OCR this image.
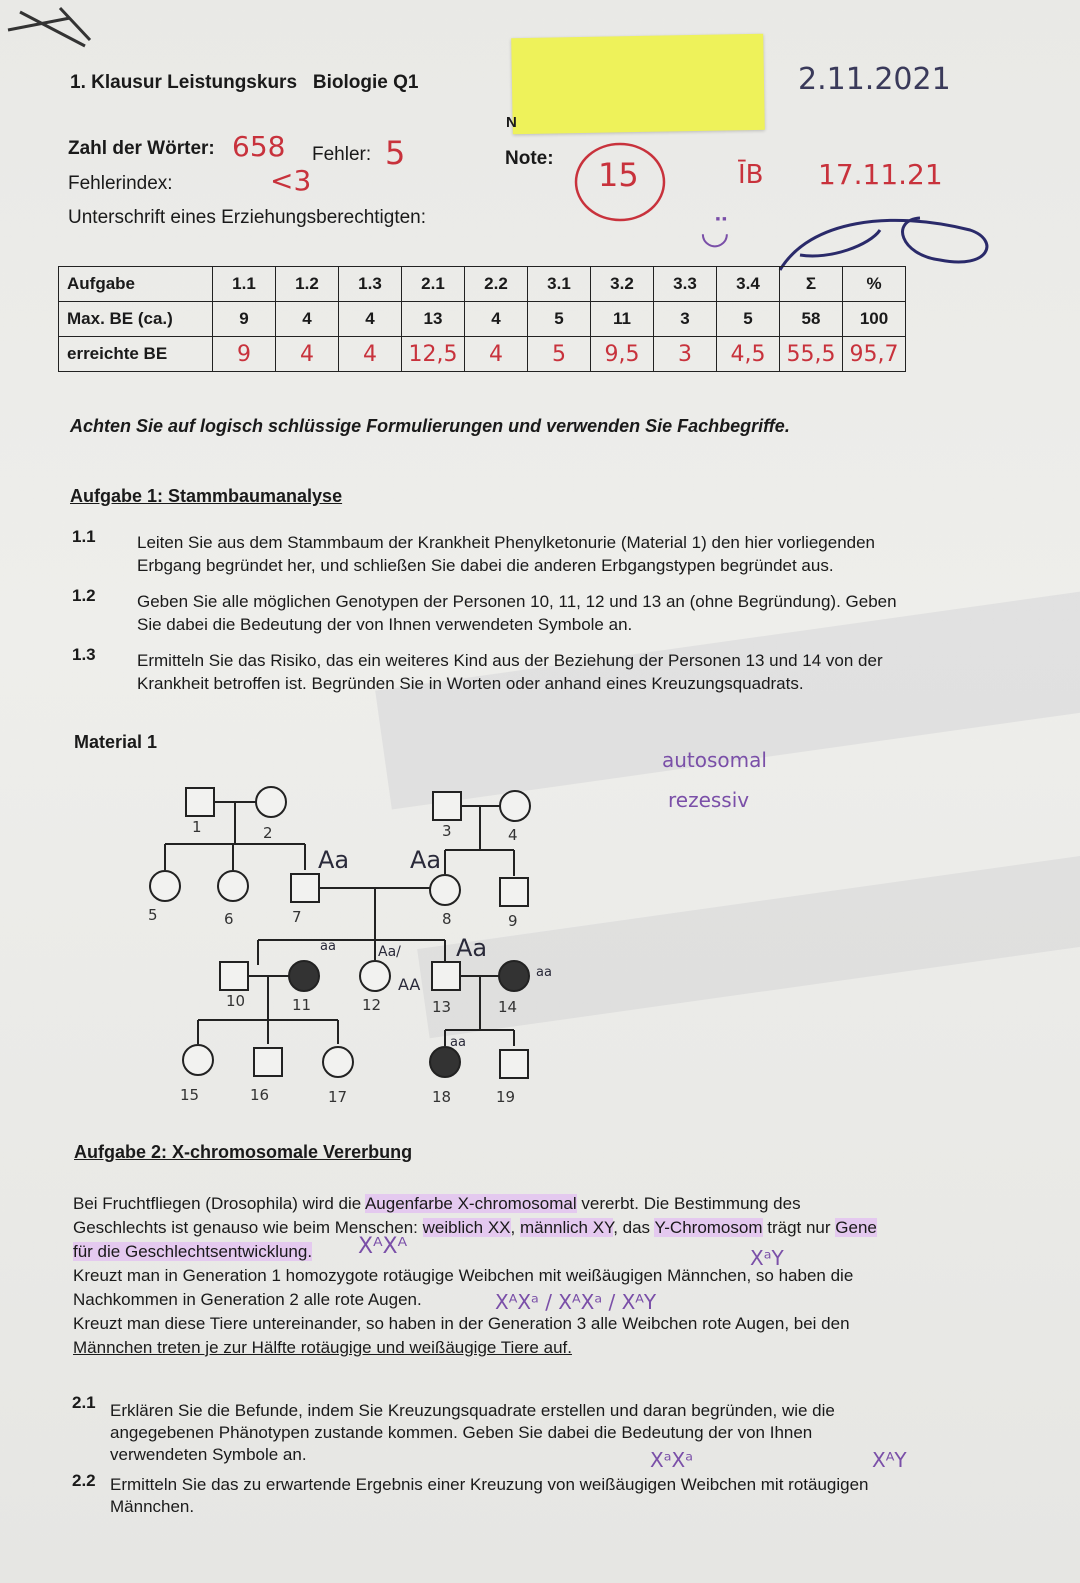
1. Klausur Leistungskurs Biologie Q1
N
2.11.2021
Zahl der Wörter: 658 Fehler: 5
Fehlerindex:	<3
Unterschrift eines Erziehungsberechtigten:
Note: 15	ĪB 17.11.21
◡̈
Aufgabe	1.1	1.2	1.3	2.1	2.2	3.1	3.2	3.3	3.4	Σ	%
Max. BE (ca.)	9	4	4	13	4	5	11	3	5	58	100
erreichte BE	9	4	4	12,5	4	5	9,5	3	4,5	55,5	95,7
Achten Sie auf logisch schlüssige Formulierungen und verwenden Sie Fachbegriffe.
Aufgabe 1: Stammbaumanalyse
1.1 Leiten Sie aus dem Stammbaum der Krankheit Phenylketonurie (Material 1) den hier vorliegenden
Erbgang begründet her, und schließen Sie dabei die anderen Erbgangstypen begründet aus.
1.2 Geben Sie alle möglichen Genotypen der Personen 10, 11, 12 und 13 an (ohne Begründung). Geben
Sie dabei die Bedeutung der von Ihnen verwendeten Symbole an.
1.3 Ermitteln Sie das Risiko, das ein weiteres Kind aus der Beziehung der Personen 13 und 14 von der
Krankheit betroffen ist. Begründen Sie in Worten oder anhand eines Kreuzungsquadrats.
Material 1
autosomal
rezessiv
1	2	3	4
5	6	7	8	9
10	11	12	13	14
15	16	17	18	19
Aa	Aa
aa	Aa/
AA
Aa
aa
aa
Aufgabe 2: X-chromosomale Vererbung
Bei Fruchtfliegen (Drosophila) wird die Augenfarbe X-chromosomal vererbt. Die Bestimmung des
Geschlechts ist genauso wie beim Menschen: weiblich XX, männlich XY, das Y-Chromosom trägt nur Gene
für die Geschlechtsentwicklung.
Kreuzt man in Generation 1 homozygote rotäugige Weibchen mit weißäugigen Männchen, so haben die
Nachkommen in Generation 2 alle rote Augen.
Kreuzt man diese Tiere untereinander, so haben in der Generation 3 alle Weibchen rote Augen, bei den
Männchen treten je zur Hälfte rotäugige und weißäugige Tiere auf.
XᴬXᴬ	XᵃY
XᴬXᵃ / XᴬXᵃ / XᴬY
2.1 Erklären Sie die Befunde, indem Sie Kreuzungsquadrate erstellen und daran begründen, wie die
angegebenen Phänotypen zustande kommen. Geben Sie dabei die Bedeutung der von Ihnen
verwendeten Symbole an.
2.2 Ermitteln Sie das zu erwartende Ergebnis einer Kreuzung von weißäugigen Weibchen mit rotäugigen
Männchen.
XᵃXᵃ	XᴬY
